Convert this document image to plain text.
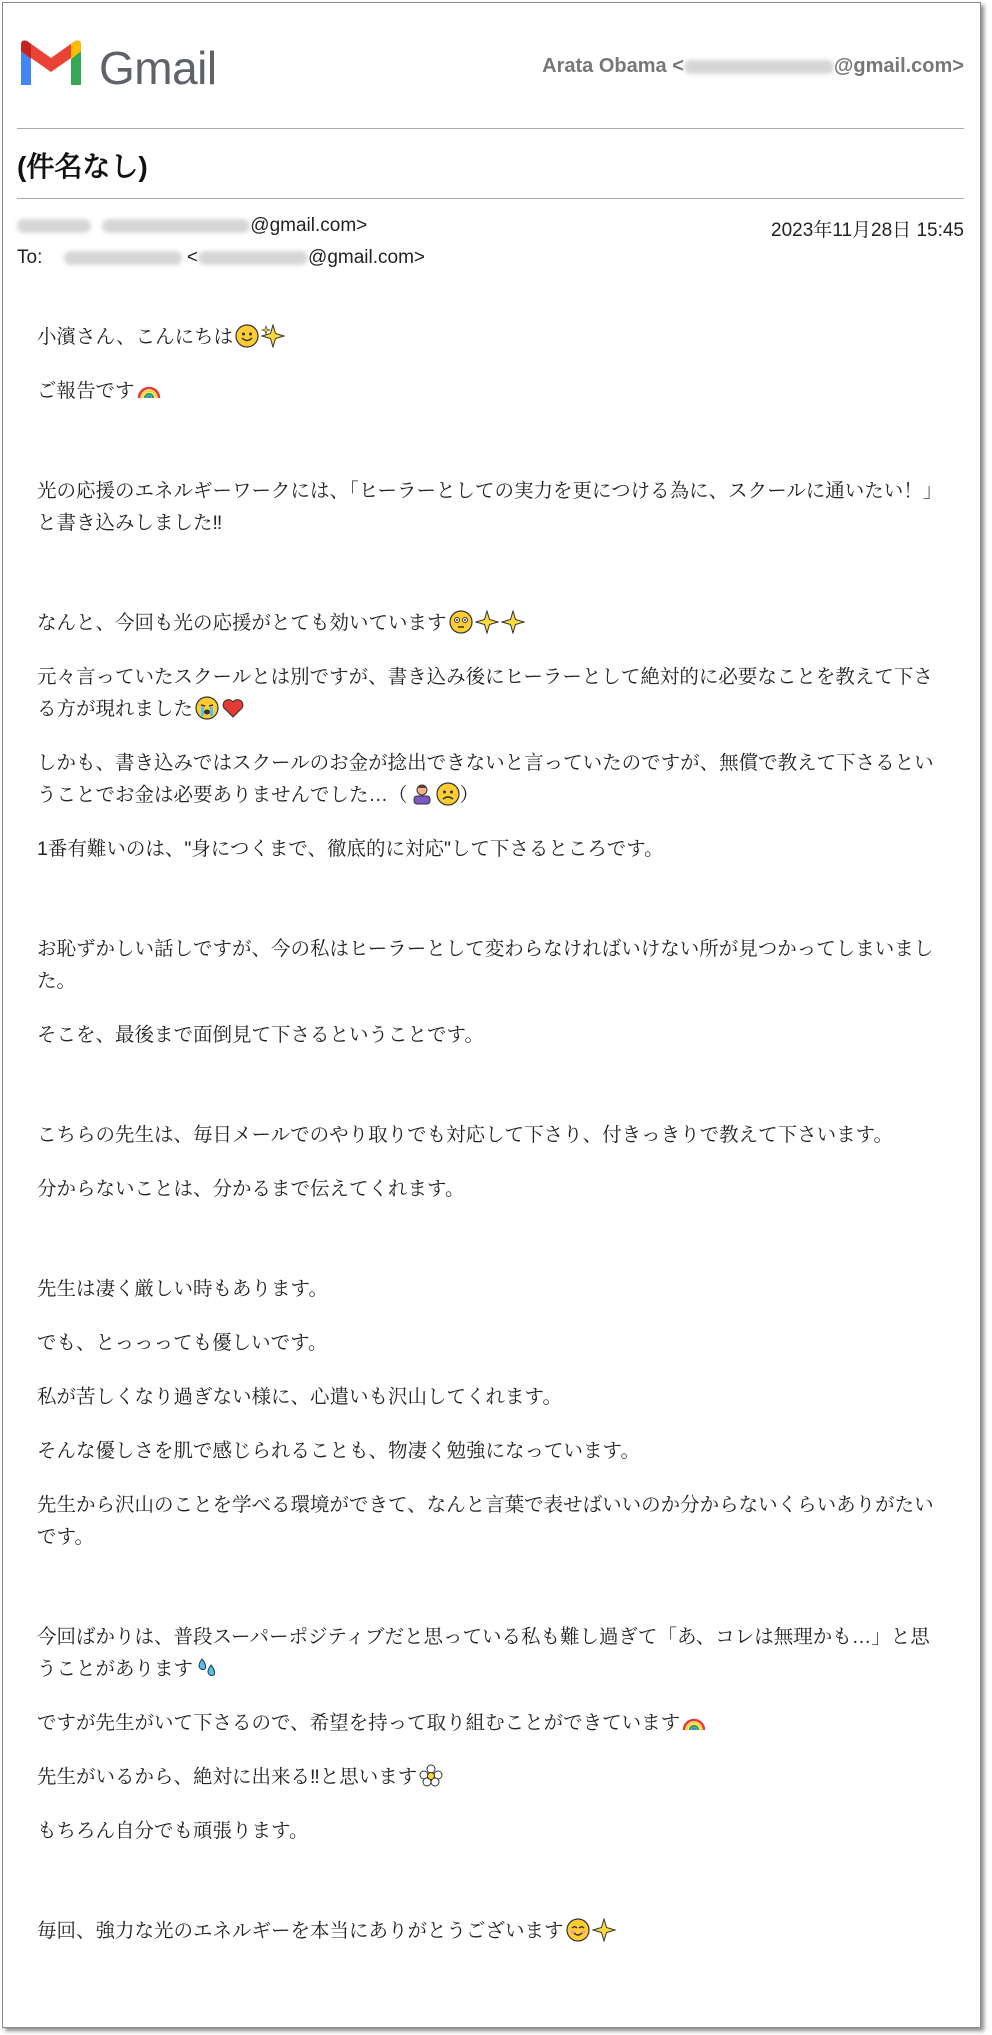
Gmail	Arata Obama <	@gmail.com>
(件名なし)
@gmail.com>	2023年11月28日 15:45
To:	<	@gmail.com>

小濱さん、こんにちは

ご報告です

光の応援のエネルギーワークには、「ヒーラーとしての実力を更につける為に、スクールに通いたい！」と書き込みしました‼

なんと、今回も光の応援がとても効いています

元々言っていたスクールとは別ですが、書き込み後にヒーラーとして絶対的に必要なことを教えて下さる方が現れました

しかも、書き込みではスクールのお金が捻出できないと言っていたのですが、無償で教えて下さるということでお金は必要ありませんでした…（	）

1番有難いのは、"身につくまで、徹底的に対応"して下さるところです。

お恥ずかしい話しですが、今の私はヒーラーとして変わらなければいけない所が見つかってしまいました。

そこを、最後まで面倒見て下さるということです。

こちらの先生は、毎日メールでのやり取りでも対応して下さり、付きっきりで教えて下さいます。

分からないことは、分かるまで伝えてくれます。

先生は凄く厳しい時もあります。

でも、とっっっても優しいです。

私が苦しくなり過ぎない様に、心遣いも沢山してくれます。

そんな優しさを肌で感じられることも、物凄く勉強になっています。

先生から沢山のことを学べる環境ができて、なんと言葉で表せばいいのか分からないくらいありがたいです。

今回ばかりは、普段スーパーポジティブだと思っている私も難し過ぎて「あ、コレは無理かも…」と思うことがあります

ですが先生がいて下さるので、希望を持って取り組むことができています

先生がいるから、絶対に出来る‼と思います

もちろん自分でも頑張ります。

毎回、強力な光のエネルギーを本当にありがとうございます
